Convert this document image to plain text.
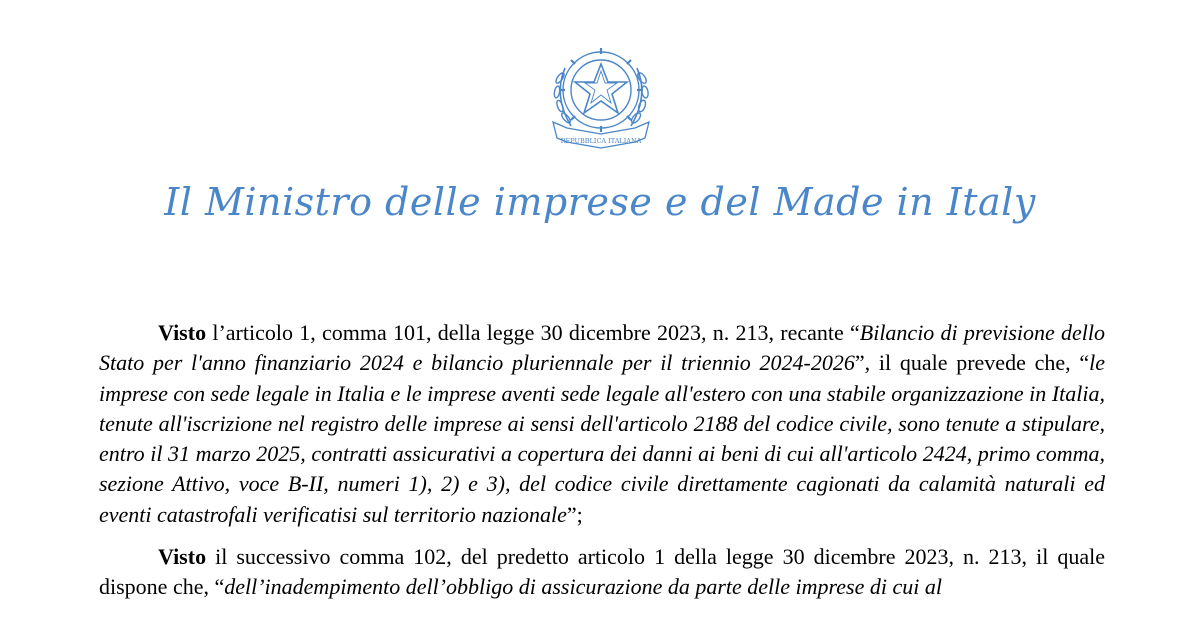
REPUBBLICA ITALIANA
Il Ministro delle imprese e del Made in Italy

Visto l’articolo 1, comma 101, della legge 30 dicembre 2023, n. 213, recante “Bilancio di previsione dello Stato per l'anno finanziario 2024 e bilancio pluriennale per il triennio 2024-2026”, il quale prevede che, “le imprese con sede legale in Italia e le imprese aventi sede legale all'estero con una stabile organizzazione in Italia, tenute all'iscrizione nel registro delle imprese ai sensi dell'articolo 2188 del codice civile, sono tenute a stipulare, entro il 31 marzo 2025, contratti assicurativi a copertura dei danni ai beni di cui all'articolo 2424, primo comma, sezione Attivo, voce B-II, numeri 1), 2) e 3), del codice civile direttamente cagionati da calamità naturali ed eventi catastrofali verificatisi sul territorio nazionale”;

Visto il successivo comma 102, del predetto articolo 1 della legge 30 dicembre 2023, n. 213, il quale dispone che, “dell’inadempimento dell’obbligo di assicurazione da parte delle imprese di cui al
